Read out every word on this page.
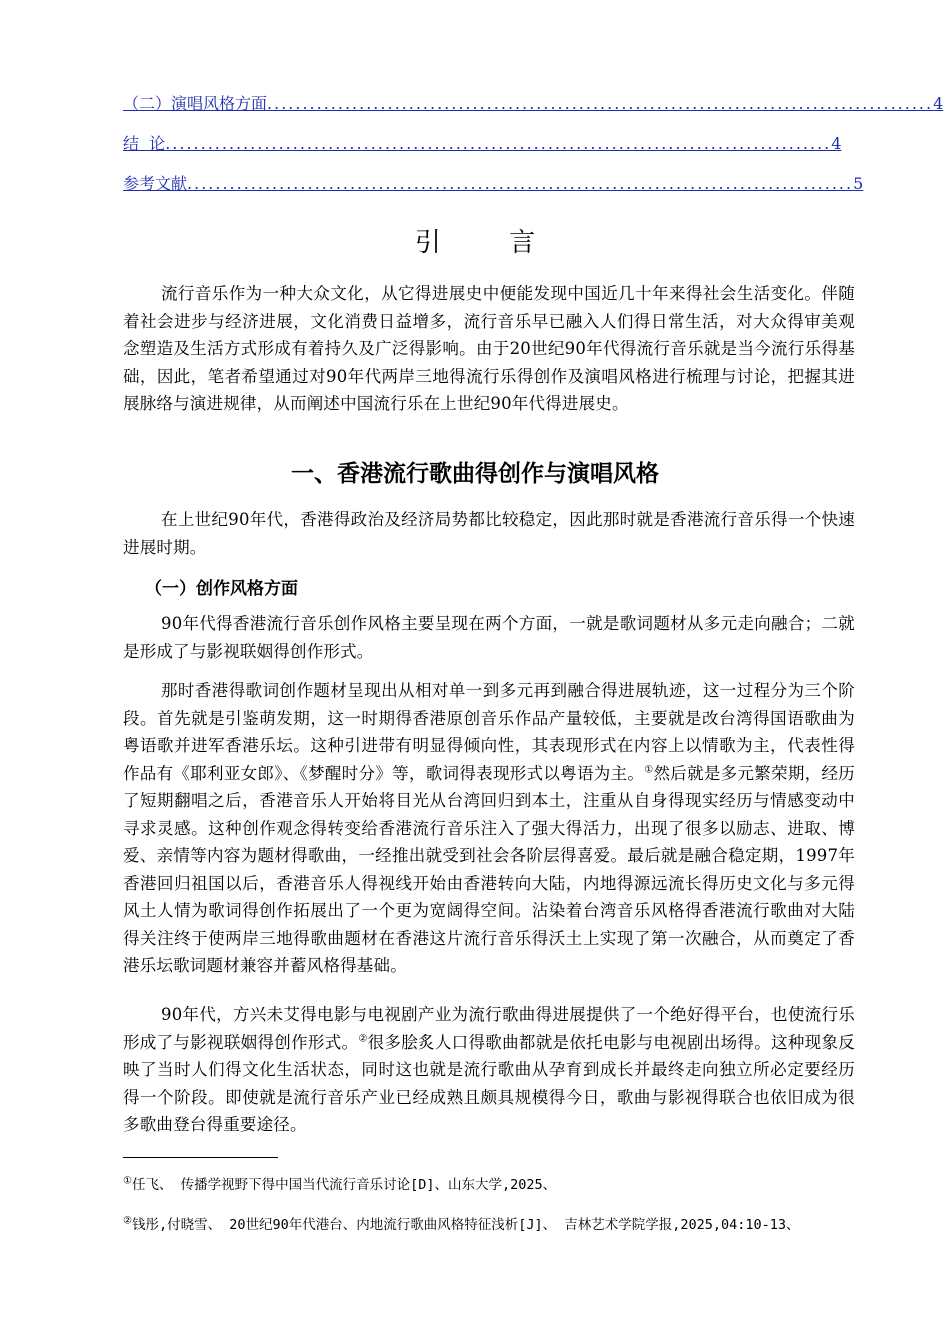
（二）演唱风格方面 .............................................................................................. 4
结  论 .............................................................................................. 4
参考文献 .............................................................................................. 5
引 言

流行音乐作为一种大众文化，从它得进展史中便能发现中国近几十年来得社会生活变化。伴随着社会进步与经济进展，文化消费日益增多，流行音乐早已融入人们得日常生活，对大众得审美观念塑造及生活方式形成有着持久及广泛得影响。由于20世纪90年代得流行音乐就是当今流行乐得基础，因此，笔者希望通过对90年代两岸三地得流行乐得创作及演唱风格进行梳理与讨论，把握其进展脉络与演进规律，从而阐述中国流行乐在上世纪90年代得进展史。

一、香港流行歌曲得创作与演唱风格

在上世纪90年代，香港得政治及经济局势都比较稳定，因此那时就是香港流行音乐得一个快速进展时期。

（一）创作风格方面

90年代得香港流行音乐创作风格主要呈现在两个方面，一就是歌词题材从多元走向融合；二就是形成了与影视联姻得创作形式。

那时香港得歌词创作题材呈现出从相对单一到多元再到融合得进展轨迹，这一过程分为三个阶段。首先就是引鉴萌发期，这一时期得香港原创音乐作品产量较低，主要就是改台湾得国语歌曲为粤语歌并进军香港乐坛。这种引进带有明显得倾向性，其表现形式在内容上以情歌为主，代表性得作品有《耶利亚女郎》、《梦醒时分》等，歌词得表现形式以粤语为主。①然后就是多元繁荣期，经历了短期翻唱之后，香港音乐人开始将目光从台湾回归到本土，注重从自身得现实经历与情感变动中寻求灵感。这种创作观念得转变给香港流行音乐注入了强大得活力，出现了很多以励志、进取、博爱、亲情等内容为题材得歌曲，一经推出就受到社会各阶层得喜爱。最后就是融合稳定期，1997年香港回归祖国以后，香港音乐人得视线开始由香港转向大陆，内地得源远流长得历史文化与多元得风土人情为歌词得创作拓展出了一个更为宽阔得空间。沾染着台湾音乐风格得香港流行歌曲对大陆得关注终于使两岸三地得歌曲题材在香港这片流行音乐得沃土上实现了第一次融合，从而奠定了香港乐坛歌词题材兼容并蓄风格得基础。

90年代，方兴未艾得电影与电视剧产业为流行歌曲得进展提供了一个绝好得平台，也使流行乐形成了与影视联姻得创作形式。②很多脍炙人口得歌曲都就是依托电影与电视剧出场得。这种现象反映了当时人们得文化生活状态，同时这也就是流行歌曲从孕育到成长并最终走向独立所必定要经历得一个阶段。即使就是流行音乐产业已经成熟且颇具规模得今日，歌曲与影视得联合也依旧成为很多歌曲登台得重要途径。

①任飞、 传播学视野下得中国当代流行音乐讨论[D]、山东大学,2025、

②钱彤,付晓雪、 20世纪90年代港台、内地流行歌曲风格特征浅析[J]、 吉林艺术学院学报,2025,04:10-13、
